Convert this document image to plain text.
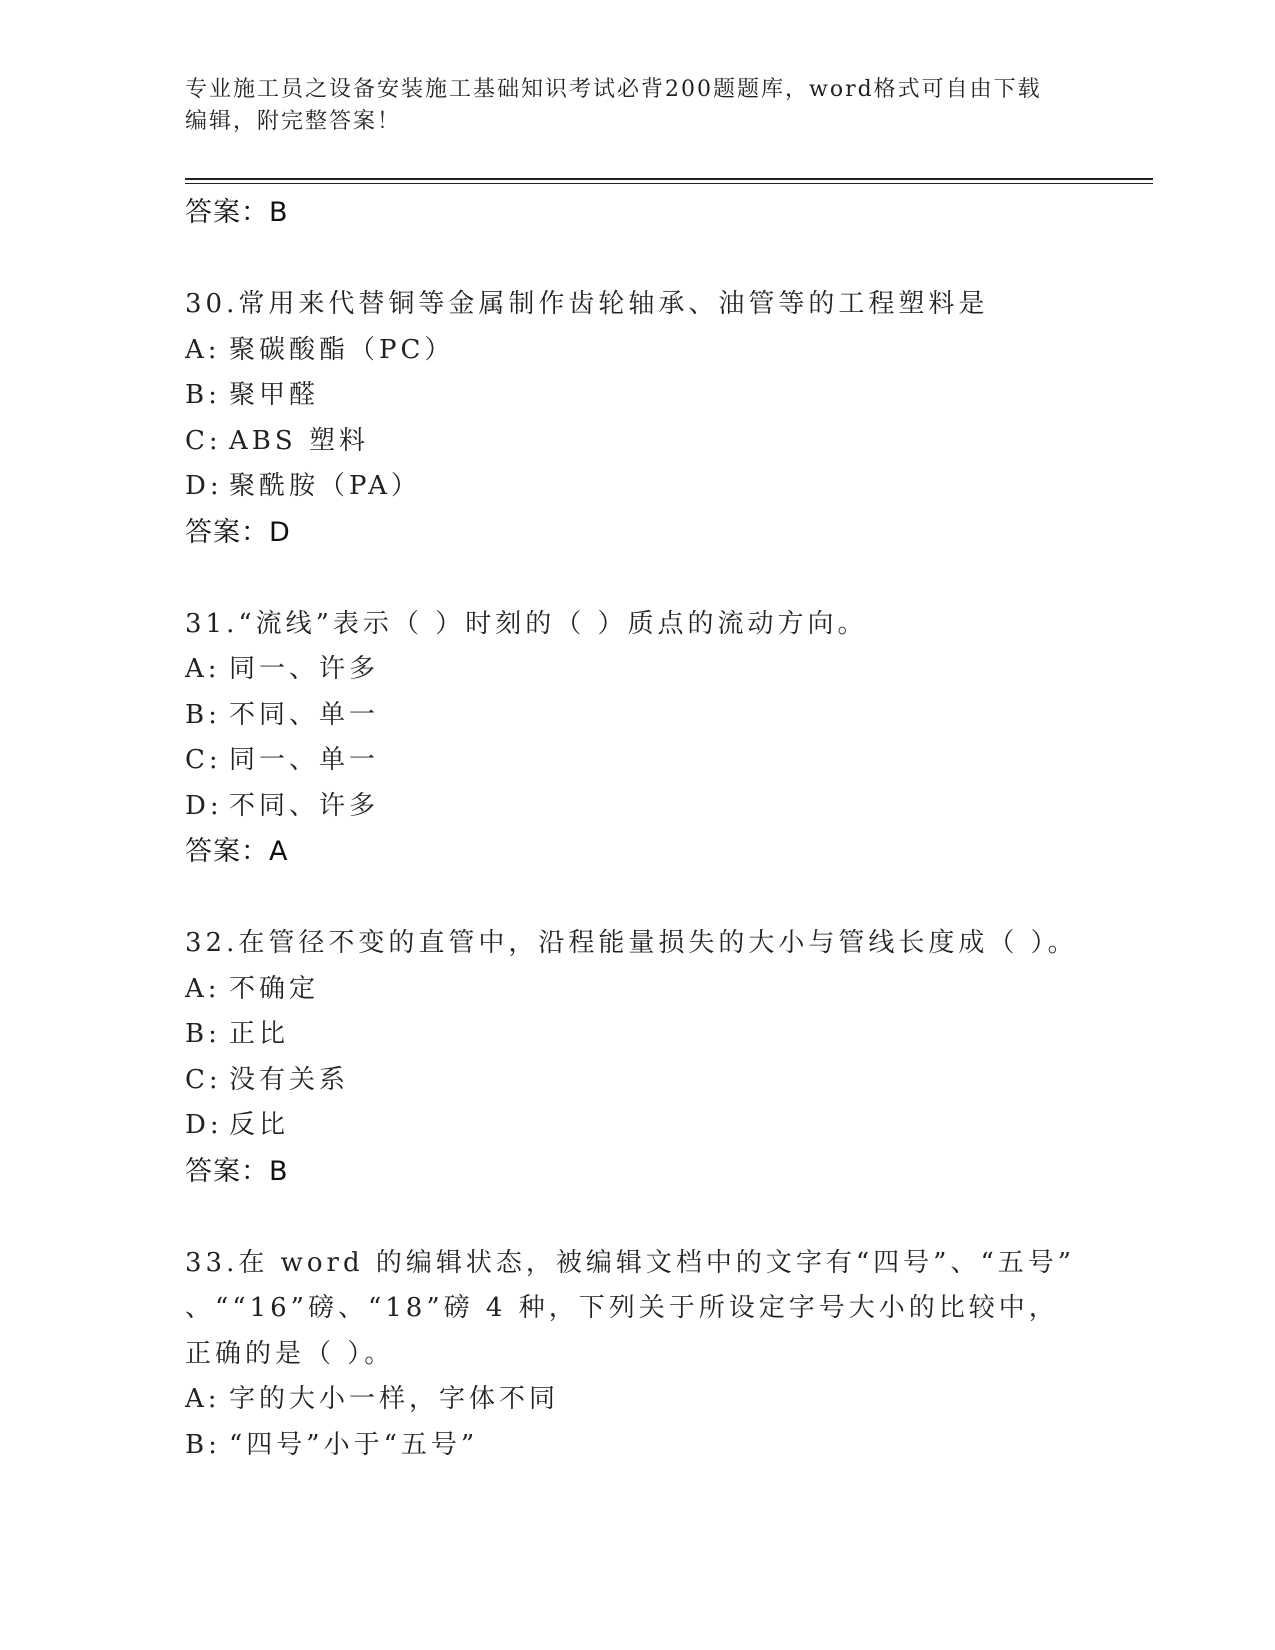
专业施工员之设备安装施工基础知识考试必背200题题库，word格式可自由下载
编辑，附完整答案！
答案：B
30.常用来代替铜等金属制作齿轮轴承、油管等的工程塑料是
A: 聚碳酸酯（PC）
B: 聚甲醛
C: ABS 塑料
D: 聚酰胺（PA）
答案：D
31.“流线”表示（ ）时刻的（ ）质点的流动方向。
A: 同一、许多
B: 不同、单一
C: 同一、单一
D: 不同、许多
答案：A
32.在管径不变的直管中，沿程能量损失的大小与管线长度成（ ）。
A: 不确定
B: 正比
C: 没有关系
D: 反比
答案：B
33.在 word 的编辑状态，被编辑文档中的文字有“四号”、“五号”
、““16”磅、“18”磅 4 种，下列关于所设定字号大小的比较中，
正确的是（ ）。
A: 字的大小一样，字体不同
B: “四号”小于“五号”
